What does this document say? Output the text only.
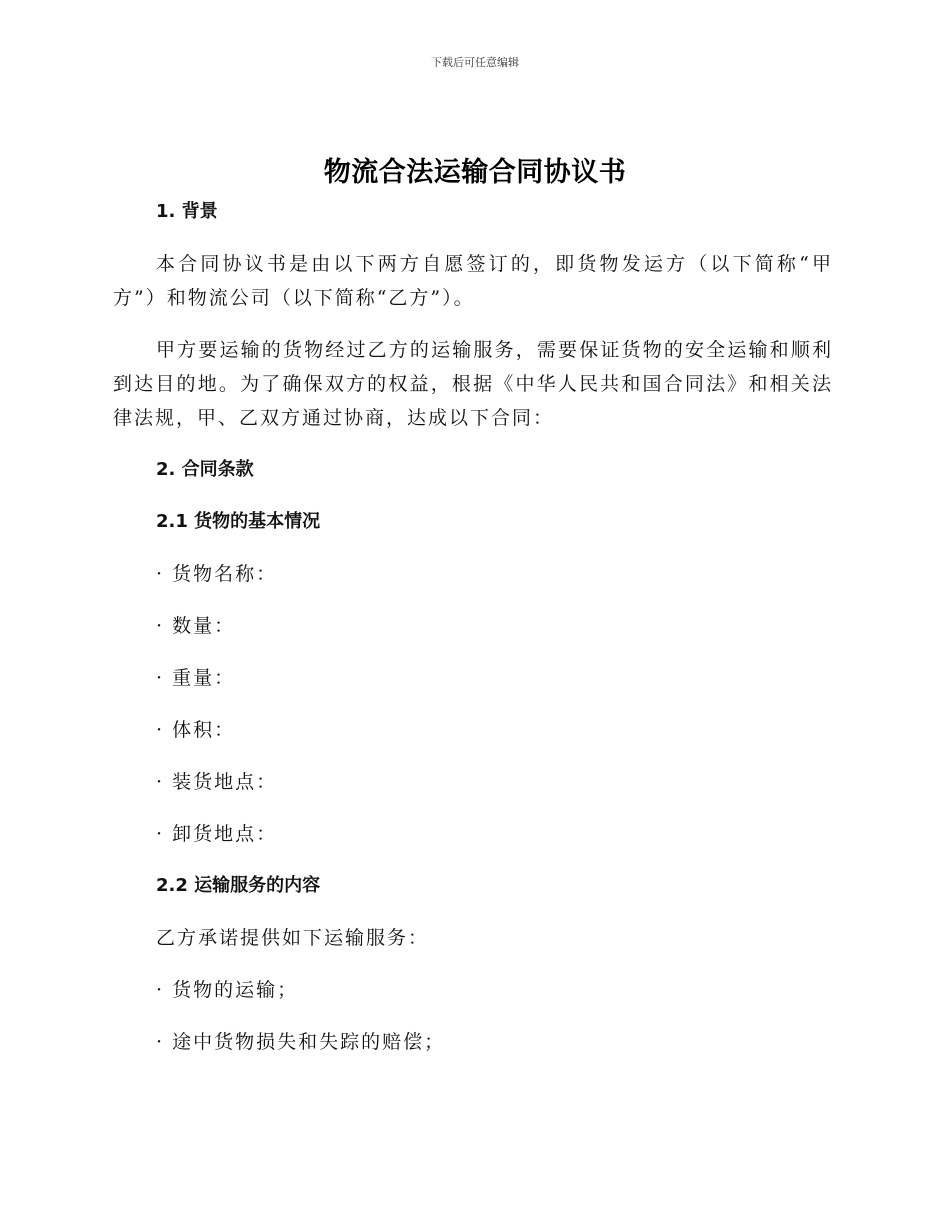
下载后可任意编辑
物流合法运输合同协议书

1. 背景

本合同协议书是由以下两方自愿签订的，即货物发运方（以下简称“甲方”）和物流公司（以下简称“乙方”）。

甲方要运输的货物经过乙方的运输服务，需要保证货物的安全运输和顺利到达目的地。为了确保双方的权益，根据《中华人民共和国合同法》和相关法律法规，甲、乙双方通过协商，达成以下合同：

2. 合同条款

2.1 货物的基本情况

· 货物名称：

· 数量：

· 重量：

· 体积：

· 装货地点：

· 卸货地点：

2.2 运输服务的内容

乙方承诺提供如下运输服务：

· 货物的运输；

· 途中货物损失和失踪的赔偿；
